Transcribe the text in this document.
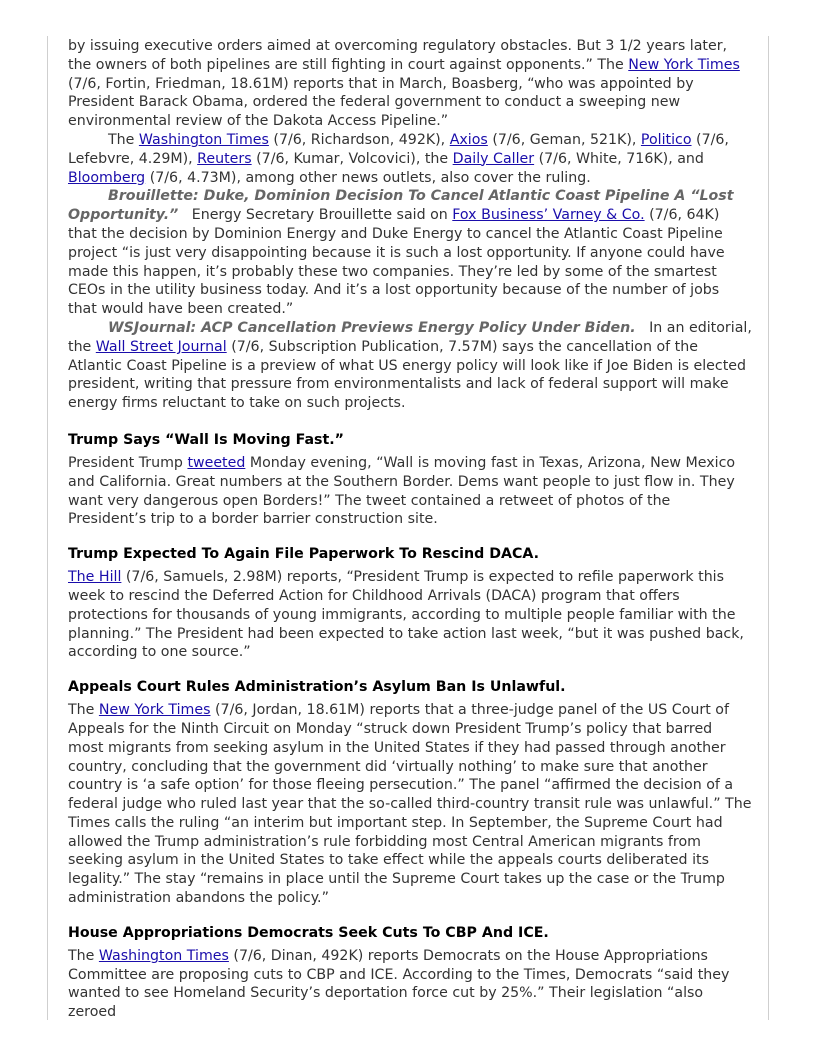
by issuing executive orders aimed at overcoming regulatory obstacles. But 3 1/2 years later, the owners of both pipelines are still fighting in court against opponents.” The New York Times (7/6, Fortin, Friedman, 18.61M) reports that in March, Boasberg, “who was appointed by President Barack Obama, ordered the federal government to conduct a sweeping new environmental review of the Dakota Access Pipeline.”

The Washington Times (7/6, Richardson, 492K), Axios (7/6, Geman, 521K), Politico (7/6, Lefebvre, 4.29M), Reuters (7/6, Kumar, Volcovici), the Daily Caller (7/6, White, 716K), and Bloomberg (7/6, 4.73M), among other news outlets, also cover the ruling.

Brouillette: Duke, Dominion Decision To Cancel Atlantic Coast Pipeline A “Lost Opportunity.”   Energy Secretary Brouillette said on Fox Business’ Varney & Co. (7/6, 64K) that the decision by Dominion Energy and Duke Energy to cancel the Atlantic Coast Pipeline project “is just very disappointing because it is such a lost opportunity. If anyone could have made this happen, it’s probably these two companies. They’re led by some of the smartest CEOs in the utility business today. And it’s a lost opportunity because of the number of jobs that would have been created.”

WSJournal: ACP Cancellation Previews Energy Policy Under Biden.   In an editorial, the Wall Street Journal (7/6, Subscription Publication, 7.57M) says the cancellation of the Atlantic Coast Pipeline is a preview of what US energy policy will look like if Joe Biden is elected president, writing that pressure from environmentalists and lack of federal support will make energy firms reluctant to take on such projects.

Trump Says “Wall Is Moving Fast.”

President Trump tweeted Monday evening, “Wall is moving fast in Texas, Arizona, New Mexico and California. Great numbers at the Southern Border. Dems want people to just flow in. They want very dangerous open Borders!” The tweet contained a retweet of photos of the President’s trip to a border barrier construction site.

Trump Expected To Again File Paperwork To Rescind DACA.

The Hill (7/6, Samuels, 2.98M) reports, “President Trump is expected to refile paperwork this week to rescind the Deferred Action for Childhood Arrivals (DACA) program that offers protections for thousands of young immigrants, according to multiple people familiar with the planning.” The President had been expected to take action last week, “but it was pushed back, according to one source.”

Appeals Court Rules Administration’s Asylum Ban Is Unlawful.

The New York Times (7/6, Jordan, 18.61M) reports that a three-judge panel of the US Court of Appeals for the Ninth Circuit on Monday “struck down President Trump’s policy that barred most migrants from seeking asylum in the United States if they had passed through another country, concluding that the government did ‘virtually nothing’ to make sure that another country is ‘a safe option’ for those fleeing persecution.” The panel “affirmed the decision of a federal judge who ruled last year that the so-called third-country transit rule was unlawful.” The Times calls the ruling “an interim but important step. In September, the Supreme Court had allowed the Trump administration’s rule forbidding most Central American migrants from seeking asylum in the United States to take effect while the appeals courts deliberated its legality.” The stay “remains in place until the Supreme Court takes up the case or the Trump administration abandons the policy.”

House Appropriations Democrats Seek Cuts To CBP And ICE.

The Washington Times (7/6, Dinan, 492K) reports Democrats on the House Appropriations Committee are proposing cuts to CBP and ICE. According to the Times, Democrats “said they wanted to see Homeland Security’s deportation force cut by 25%.” Their legislation “also zeroed
